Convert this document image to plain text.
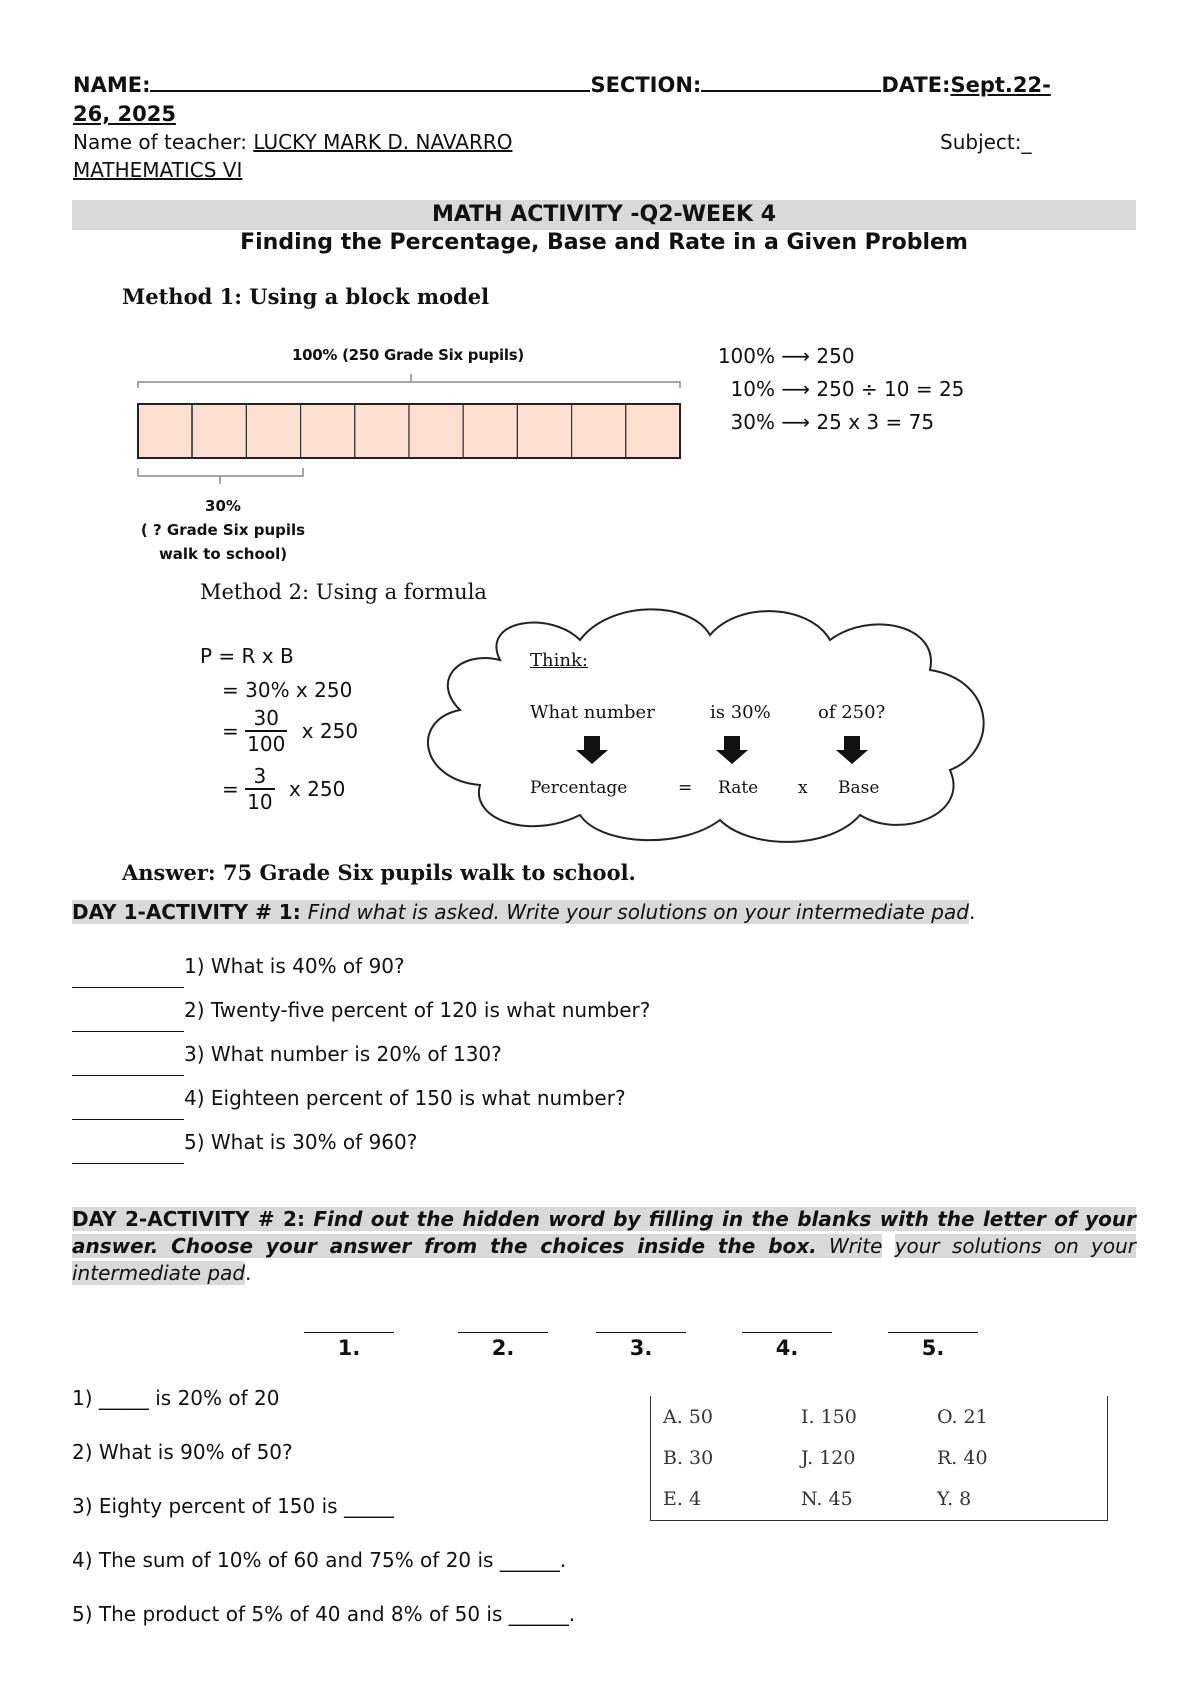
NAME:	SECTION:	DATE:Sept.22-
26, 2025
Name of teacher: LUCKY MARK D. NAVARRO	Subject:_
MATHEMATICS VI
MATH ACTIVITY -Q2-WEEK 4
Finding the Percentage, Base and Rate in a Given Problem
Method 1: Using a block model
100% (250 Grade Six pupils)
30%
( ? Grade Six pupils
walk to school)
100% ⟶ 250
10% ⟶ 250 ÷ 10 = 25
30% ⟶ 25 x 3 = 75
Method 2: Using a formula
P = R x B
= 30% x 250
= $\frac{30}{100}$ x 250
= $\frac{3}{10}$ x 250
Think:
What number	is 30%	of 250?
Percentage	= Rate x Base
Answer: 75 Grade Six pupils walk to school.
DAY 1-ACTIVITY # 1: Find what is asked. Write your solutions on your intermediate pad.
1) What is 40% of 90?
2) Twenty-five percent of 120 is what number?
3) What number is 20% of 130?
4) Eighteen percent of 150 is what number?
5) What is 30% of 960?
DAY 2-ACTIVITY # 2: Find out the hidden word by filling in the blanks with the letter of your answer. Choose your answer from the choices inside the box. Write your solutions on your intermediate pad.
1.	2.	3.	4.	5.
1) _____ is 20% of 20
2) What is 90% of 50?
3) Eighty percent of 150 is _____
4) The sum of 10% of 60 and 75% of 20 is ______.
5) The product of 5% of 40 and 8% of 50 is ______.
A. 50	I. 150	O. 21
B. 30	J. 120	R. 40
E. 4	N. 45	Y. 8
